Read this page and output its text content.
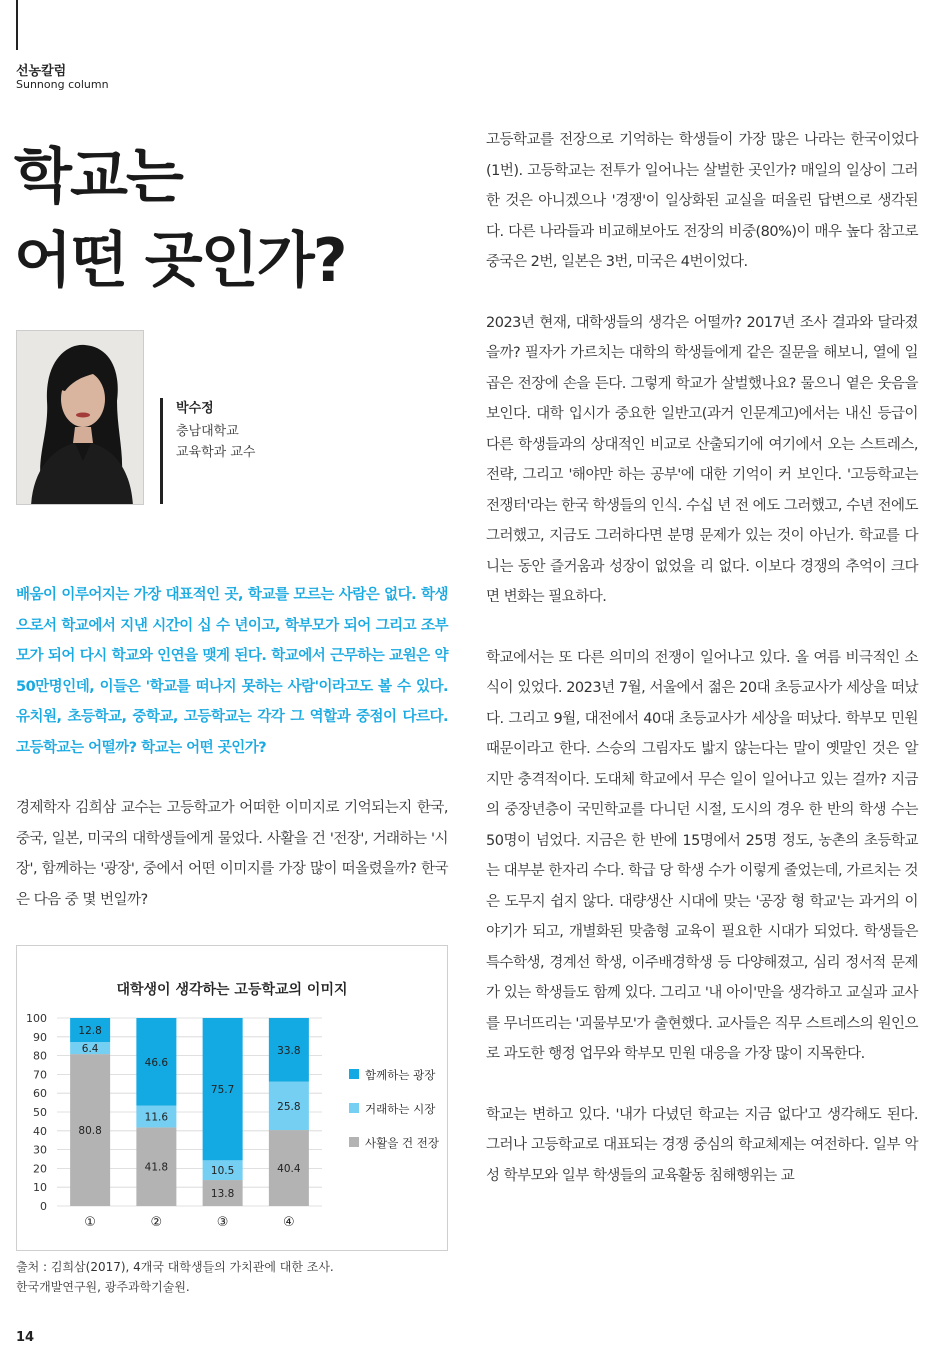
선농칼럼
Sunnong column
학교는
어떤 곳인가?
박수정
충남대학교
교육학과 교수

배움이 이루어지는 가장 대표적인 곳, 학교를 모르는 사람은 없다. 학생으로서 학교에서 지낸 시간이 십 수 년이고, 학부모가 되어 그리고 조부모가 되어 다시 학교와 인연을 맺게 된다. 학교에서 근무하는 교원은 약 50만명인데, 이들은 '학교를 떠나지 못하는 사람'이라고도 볼 수 있다. 유치원, 초등학교, 중학교, 고등학교는 각각 그 역할과 중점이 다르다. 고등학교는 어떨까? 학교는 어떤 곳인가?

경제학자 김희삼 교수는 고등학교가 어떠한 이미지로 기억되는지 한국, 중국, 일본, 미국의 대학생들에게 물었다. 사활을 건 '전장', 거래하는 '시장', 함께하는 '광장', 중에서 어떤 이미지를 가장 많이 떠올렸을까? 한국은 다음 중 몇 번일까?

대학생이 생각하는 고등학교의 이미지
0
10
20
30
40
50
60
70
80
90
100
80.8
6.4
12.8
41.8
11.6
46.6
13.8
10.5
75.7
40.4
25.8
33.8
①	②	③	④
함께하는 광장
거래하는 시장
사활을 건 전장
출처 : 김희삼(2017), 4개국 대학생들의 가치관에 대한 조사.
한국개발연구원, 광주과학기술원.

고등학교를 전장으로 기억하는 학생들이 가장 많은 나라는 한국이었다(1번). 고등학교는 전투가 일어나는 살벌한 곳인가? 매일의 일상이 그러한 것은 아니겠으나 '경쟁'이 일상화된 교실을 떠올린 답변으로 생각된다. 다른 나라들과 비교해보아도 전장의 비중(80%)이 매우 높다 참고로 중국은 2번, 일본은 3번, 미국은 4번이었다.

2023년 현재, 대학생들의 생각은 어떨까? 2017년 조사 결과와 달라졌을까? 필자가 가르치는 대학의 학생들에게 같은 질문을 해보니, 열에 일곱은 전장에 손을 든다. 그렇게 학교가 살벌했나요? 물으니 옅은 웃음을 보인다. 대학 입시가 중요한 일반고(과거 인문계고)에서는 내신 등급이 다른 학생들과의 상대적인 비교로 산출되기에 여기에서 오는 스트레스, 전략, 그리고 '해야만 하는 공부'에 대한 기억이 커 보인다. '고등학교는 전쟁터'라는 한국 학생들의 인식. 수십 년 전 에도 그러했고, 수년 전에도 그러했고, 지금도 그러하다면 분명 문제가 있는 것이 아닌가. 학교를 다니는 동안 즐거움과 성장이 없었을 리 없다. 이보다 경쟁의 추억이 크다면 변화는 필요하다.

학교에서는 또 다른 의미의 전쟁이 일어나고 있다. 올 여름 비극적인 소식이 있었다. 2023년 7월, 서울에서 젊은 20대 초등교사가 세상을 떠났다. 그리고 9월, 대전에서 40대 초등교사가 세상을 떠났다. 학부모 민원 때문이라고 한다. 스승의 그림자도 밟지 않는다는 말이 옛말인 것은 알지만 충격적이다. 도대체 학교에서 무슨 일이 일어나고 있는 걸까? 지금의 중장년층이 국민학교를 다니던 시절, 도시의 경우 한 반의 학생 수는 50명이 넘었다. 지금은 한 반에 15명에서 25명 정도, 농촌의 초등학교는 대부분 한자리 수다. 학급 당 학생 수가 이렇게 줄었는데, 가르치는 것은 도무지 쉽지 않다. 대량생산 시대에 맞는 '공장 형 학교'는 과거의 이야기가 되고, 개별화된 맞춤형 교육이 필요한 시대가 되었다. 학생들은 특수학생, 경계선 학생, 이주배경학생 등 다양해졌고, 심리 정서적 문제가 있는 학생들도 함께 있다. 그리고 '내 아이'만을 생각하고 교실과 교사를 무너뜨리는 '괴물부모'가 출현했다. 교사들은 직무 스트레스의 원인으로 과도한 행정 업무와 학부모 민원 대응을 가장 많이 지목한다.

학교는 변하고 있다. '내가 다녔던 학교는 지금 없다'고 생각해도 된다. 그러나 고등학교로 대표되는 경쟁 중심의 학교체제는 여전하다. 일부 악성 학부모와 일부 학생들의 교육활동 침해행위는 교

14
